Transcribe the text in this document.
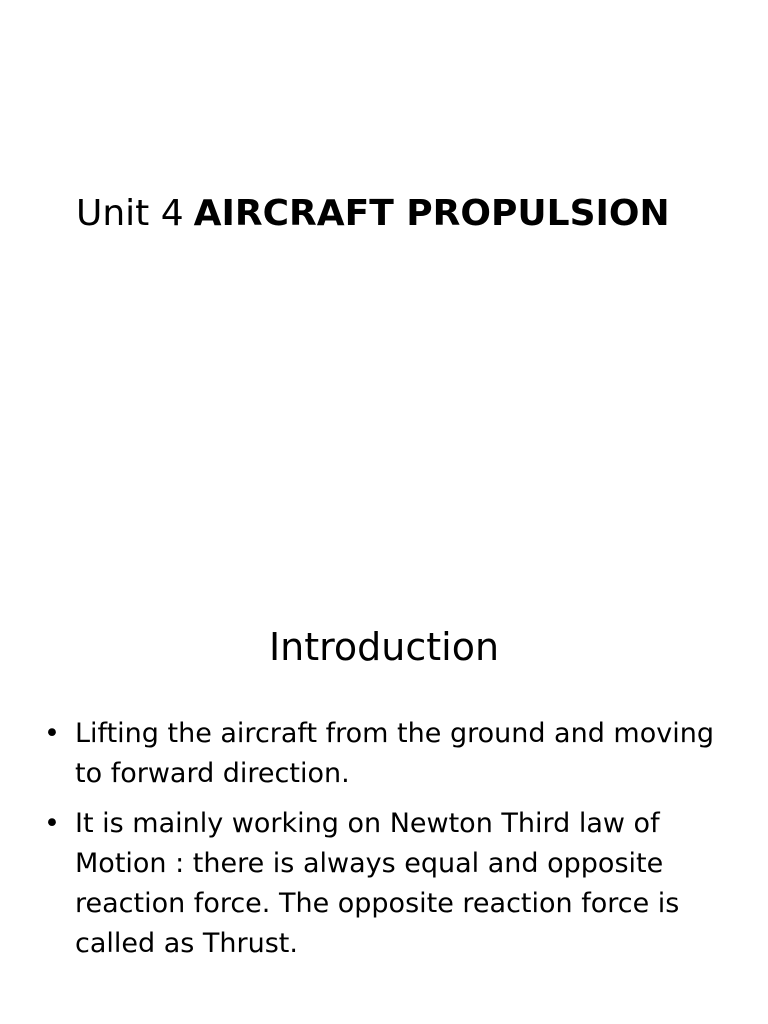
Unit 4 AIRCRAFT PROPULSION
Introduction
• Lifting the aircraft from the ground and moving to forward direction.
• It is mainly working on Newton Third law of Motion : there is always equal and opposite reaction force. The opposite reaction force is called as Thrust.
